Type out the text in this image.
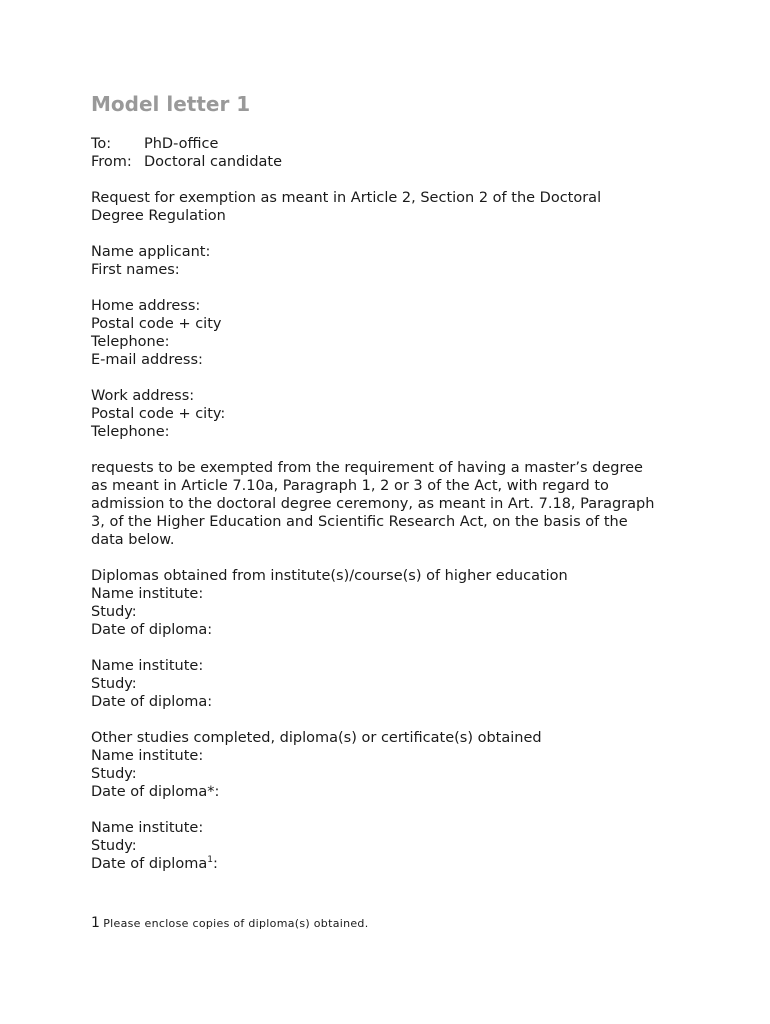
Model letter 1
To: PhD-office
From: Doctoral candidate
Request for exemption as meant in Article 2, Section 2 of the Doctoral
Degree Regulation
Name applicant:
First names:
Home address:
Postal code + city
Telephone:
E-mail address:
Work address:
Postal code + city:
Telephone:
requests to be exempted from the requirement of having a master’s degree
as meant in Article 7.10a, Paragraph 1, 2 or 3 of the Act, with regard to
admission to the doctoral degree ceremony, as meant in Art. 7.18, Paragraph
3, of the Higher Education and Scientific Research Act, on the basis of the
data below.
Diplomas obtained from institute(s)/course(s) of higher education
Name institute:
Study:
Date of diploma:
Name institute:
Study:
Date of diploma:
Other studies completed, diploma(s) or certificate(s) obtained
Name institute:
Study:
Date of diploma*:
Name institute:
Study:
Date of diploma$^1$:
1 Please enclose copies of diploma(s) obtained.
